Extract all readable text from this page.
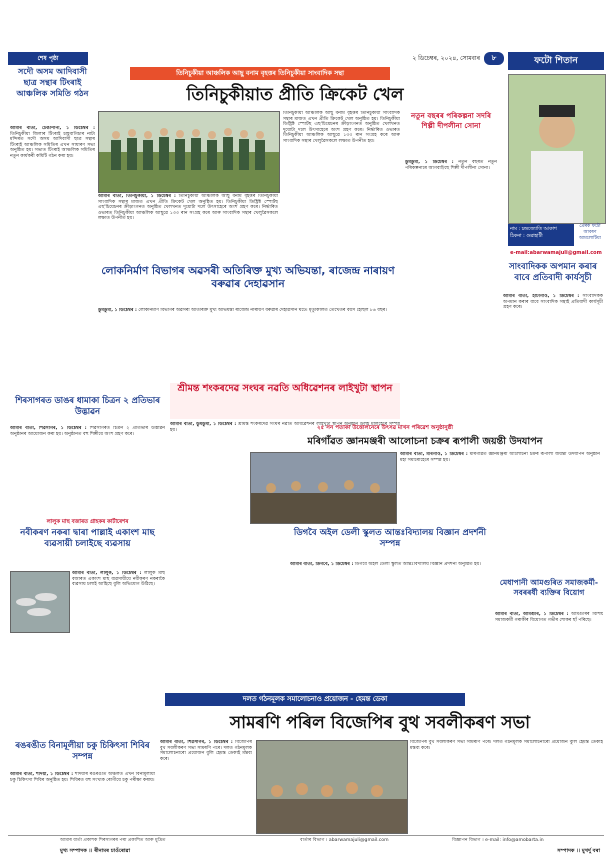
শেষ পৃষ্ঠা	২ ডিচেম্বৰ, ২০২৪, সোমবাৰ	৮
তিনিচুকীয়া আঞ্চলিক আছু বনাম বৃহত্তৰ তিনিচুকীয়া সাংবাদিক সন্থা
ফটো শিতান
তিনিচুকীয়াত প্ৰীতি ক্ৰিকেট খেল
সদৌ অসম আদিবাসী ছাত্ৰ সন্থাৰ টিংৰাই আঞ্চলিক সমিতি গঠন

আমাৰ বাৰ্তা, টেঙাপানী, ১ ডিচেম্বৰ : তিনিচুকীয়া জিলাৰ টিংৰাই চাহবাগিচাৰ নাট্য মন্দিৰত সদৌ অসম আদিবাসী ছাত্ৰ সন্থাৰ টিংৰাই আঞ্চলিক সমিতিৰ এখন সাধাৰণ সভা অনুষ্ঠিত হয়। সভাত টিংৰাই আঞ্চলিক সমিতিৰ নতুন কাৰ্যকৰী কমিটি গঠন কৰা হয়।

আমাৰ বাৰ্তা, তিনিচুকীয়া, ১ ডিচেম্বৰ : তিনিচুকীয়া আঞ্চলিক আছু বনাম বৃহত্তৰ তিনিচুকীয়া সাংবাদিক সন্থাৰ মাজত এখন প্ৰীতি ক্ৰিকেট খেল অনুষ্ঠিত হয়। তিনিচুকীয়া ডিষ্ট্ৰিক্ট স্পোৰ্টছ এছ'চিয়েচনৰ ক্ৰীড়াংগনত অনুষ্ঠিত খেলখনত দুয়োটা দলে উৎসাহেৰে অংশ গ্ৰহণ কৰে। নিৰ্দ্ধাৰিত ওভাৰত তিনিচুকীয়া আঞ্চলিক আছুৱে ১৩৩ ৰান সংগ্ৰহ কৰে আৰু সাংবাদিক সন্থাৰ খেলুৱৈসকলে লক্ষ্যত উপনীত হয়।

তিনিচুকীয়া আঞ্চলিক আছু বনাম বৃহত্তৰ তিনিচুকীয়া সাংবাদিক সন্থাৰ মাজত এখন প্ৰীতি ক্ৰিকেট খেল অনুষ্ঠিত হয়। তিনিচুকীয়া ডিষ্ট্ৰিক্ট স্পোৰ্টছ এছ'চিয়েচনৰ ক্ৰীড়াংগনত অনুষ্ঠিত খেলখনত দুয়োটা দলে উৎসাহেৰে অংশ গ্ৰহণ কৰে। নিৰ্দ্ধাৰিত ওভাৰত তিনিচুকীয়া আঞ্চলিক আছুৱে ১৩৩ ৰান সংগ্ৰহ কৰে আৰু সাংবাদিক সন্থাৰ খেলুৱৈসকলে লক্ষ্যত উপনীত হয়।

নতুন বছৰৰ পৰিকল্পনা সদৰি শিল্পী দীপলীনা সোনা

ডুমডুমা, ১ ডিচেম্বৰ : নতুন বছৰত নতুন পৰিকল্পনাৰে আগবাঢ়িছে শিল্পী দীপলীনা সোনা।

নাম : চন্দ্ৰজ্যোতি আকাশ
ঠিকনা : গুৱাহাটী
প্ৰেৰক ফটো আবৰণ
আমলোটিয়া
e-mail:abarwamajuli@gmail.com
লোকনিৰ্মাণ বিভাগৰ অৱসৰী অতিৰিক্ত মুখ্য অভিযন্তা, ৰাজেন্দ্ৰ নাৰায়ণ বৰুৱাৰ দেহাৱসান

ডুমডুমা, ১ ডিচেম্বৰ : লোকনিৰ্মাণ বিভাগৰ অৱসৰী অতিৰিক্ত মুখ্য অভিযন্তা ৰাজেন্দ্ৰ নাৰায়ণ বৰুৱাৰ দেহাৱসান ঘটে। মৃত্যুকালত তেখেতৰ বয়স হৈছিল ৮৬ বছৰ।

সাংবাদিকক অপমান কৰাৰ বাবে প্ৰতিবাদী কাৰ্যসূচী

আমাৰ বাৰ্তা, হাটীগাঁও, ১ ডিচেম্বৰ : সাংবাদিকক অপমান কৰাৰ বাবে সাংবাদিক সন্থাই প্ৰতিবাদী কাৰ্যসূচী গ্ৰহণ কৰে।

শিৰসাগৰত ডাঙৰ ধামাকা চিত্ৰন ২ প্ৰতিভাৰ উদ্ভাৱন

আমাৰ বাৰ্তা, শিৱসাগৰ, ১ ডিচেম্বৰ : শিৱসাগৰত চিত্ৰন ২ প্ৰতিভাৰ উদ্ভাৱন অনুষ্ঠানৰ আয়োজন কৰা হয়। অনুষ্ঠানত বহু শিল্পীয়ে অংশ গ্ৰহণ কৰে।

শ্ৰীমন্ত শংকৰদেৱ সংঘৰ নৱতি অধিৱেশনৰ লাইখুটা স্থাপন

আমাৰ বাৰ্তা, ডুমডুমা, ১ ডিচেম্বৰ : শ্ৰীমন্ত শংকৰদেৱ সংঘৰ নৱতি অধিৱেশনৰ লাইখুটা স্থাপন অনুষ্ঠান উলহ মালহেৰে সম্পন্ন হয়।	২৫ সন পতাকা উত্তোলনেৰে উৎসৱ মাখন পৰিৱেশ অনুষ্ঠানুষ্ঠী
মৰিগাঁৱত জ্ঞানমঞ্জৰী আলোচনা চক্ৰৰ ৰূপালী জয়ন্তী উদযাপন

আমাৰ বাৰ্তা, মৰিগাঁও, ১ ডিচেম্বৰ : মৰিগাঁৱত জ্ঞানমঞ্জৰী আলোচনা চক্ৰৰ ৰূপালী জয়ন্তী উদযাপন অনুষ্ঠান মহা সমাৰোহেৰে সম্পন্ন হয়।

লালুক মাছ বজাৰত গ্ৰাহকৰ কাৰ্টাৰেশৰ
নবীকৰণ নকৰা দ্বাৰা পাল্লাই একাংশ মাছ ব্যৱসায়ী চলাইছে ব্যৱসায়

আমাৰ বাৰ্তা, লালুক, ১ ডিচেম্বৰ : লালুক মাছ বজাৰত একাংশ মাছ ব্যৱসায়ীয়ে নবীকৰণ নকৰাকৈ ব্যৱসায় চলাই আহিছে বুলি অভিযোগ উঠিছে।

ডিগবৈ অইল ডেলী স্কুলত আন্তঃবিদ্যালয় বিজ্ঞান প্ৰদৰ্শনী সম্পন্ন

আমাৰ বাৰ্তা, ডিগবৈ, ১ ডিচেম্বৰ : ডিগবৈ অইল ডেলী স্কুলত আন্তঃবিদ্যালয় বিজ্ঞান প্ৰদৰ্শনী অনুষ্ঠিত হয়।

মেধাপানী আমগুৰিত সমাজকৰ্মী- সবৰৰৰ্ষী ব্যক্তিৰ বিয়োগ

আমাৰ বাৰ্তা, আমগুৰি, ১ ডিচেম্বৰ : আমগুৰিৰ বিশিষ্ট সমাজকৰ্মী গৰাকীৰ বিয়োগত গভীৰ শোকৰ ছাঁ পৰিছে।

দলত গঠনমূলক সমালোচনাও প্ৰয়োজন - হেমন্ত ডেকা
সামৰণি পৰিল বিজেপিৰ বুথ সবলীকৰণ সভা
ৰঙৰঙীত বিনামূলীয়া চকু চিকিৎসা শিবিৰ সম্পন্ন

আমাৰ বাৰ্তা, শদিয়া, ১ ডিচেম্বৰ : শদিয়াৰ ৰঙৰঙীত অঞ্চলত এখন বিনামূলীয়া চকু চিকিৎসা শিবিৰ অনুষ্ঠিত হয়। শিবিৰত বহু সংখ্যক ৰোগীয়ে চকু পৰীক্ষা কৰায়।

আমাৰ বাৰ্তা, শিৱসাগৰ, ১ ডিচেম্বৰ : বিজেপিৰ বুথ সবলীকৰণ সভা সামৰণি পৰে। দলত গঠনমূলক সমালোচনাৰো প্ৰয়োজন বুলি হেমন্ত ডেকাই মন্তব্য কৰে।

বিজেপিৰ বুথ সবলীকৰণ সভা সামৰণি পৰে। দলত গঠনমূলক সমালোচনাৰো প্ৰয়োজন বুলি হেমন্ত ডেকাই মন্তব্য কৰে।

আমাৰ বাৰ্তা প্ৰকাশক শিৰসাগৰৰ পৰা প্ৰকাশিত আৰু মুদ্ৰিত	বাৰ্তাৰ বিভাগ । abarwamajuli@gmail.com	বিজ্ঞাপন বিভাগ । e-mail: info@amobarta.in
মুখ্য সম্পাদক ।। ৰীনামৰ চাওঁৰোৱা	সম্পাদক ।। মুখৰ্দু বৰা
